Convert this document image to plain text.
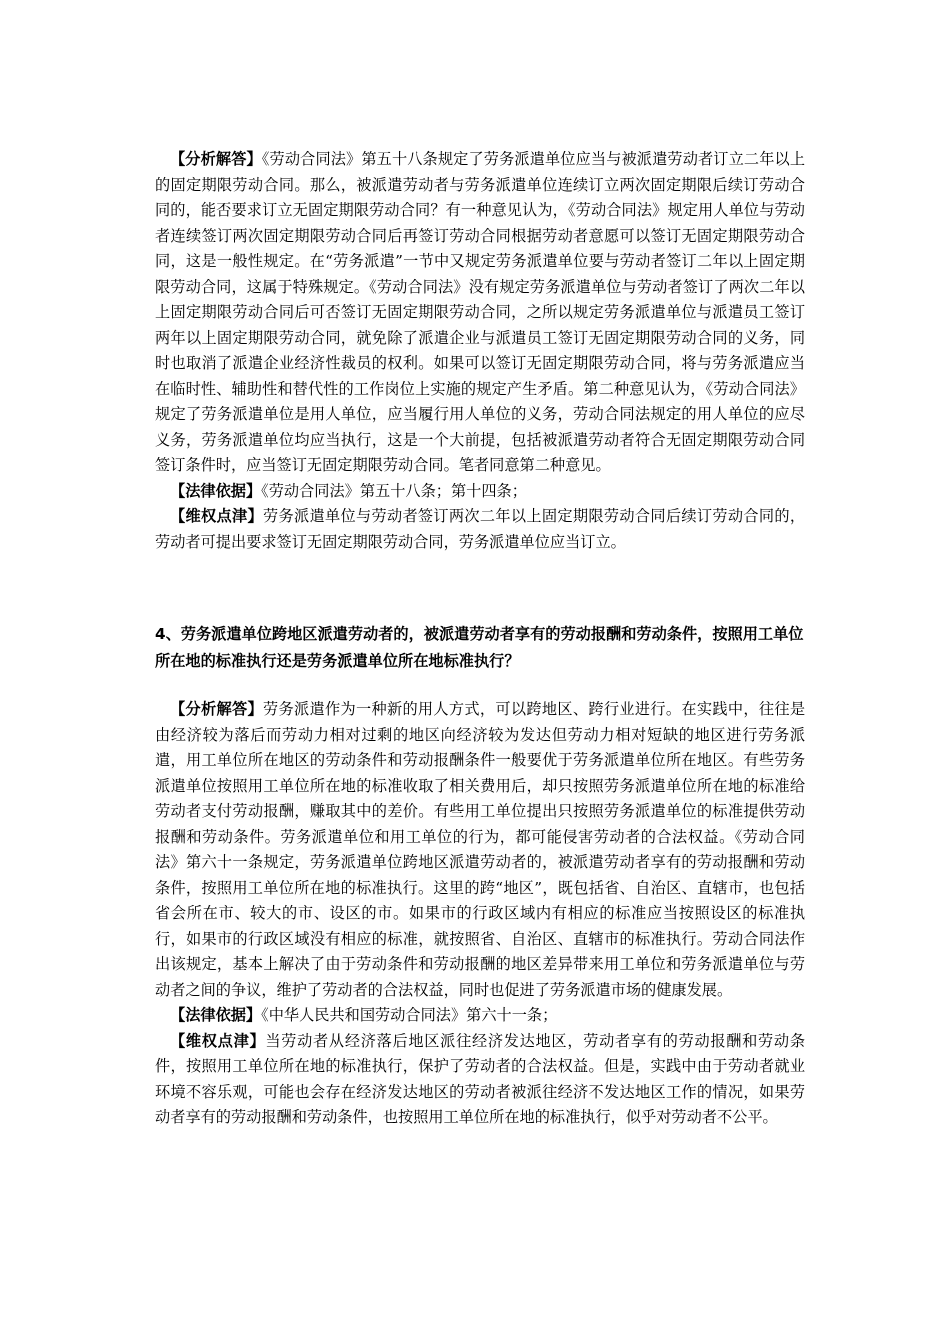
【分析解答】《劳动合同法》第五十八条规定了劳务派遣单位应当与被派遣劳动者订立二年以上的固定期限劳动合同。那么，被派遣劳动者与劳务派遣单位连续订立两次固定期限后续订劳动合同的，能否要求订立无固定期限劳动合同？有一种意见认为，《劳动合同法》规定用人单位与劳动者连续签订两次固定期限劳动合同后再签订劳动合同根据劳动者意愿可以签订无固定期限劳动合同，这是一般性规定。在“劳务派遣”一节中又规定劳务派遣单位要与劳动者签订二年以上固定期限劳动合同，这属于特殊规定。《劳动合同法》没有规定劳务派遣单位与劳动者签订了两次二年以上固定期限劳动合同后可否签订无固定期限劳动合同，之所以规定劳务派遣单位与派遣员工签订两年以上固定期限劳动合同，就免除了派遣企业与派遣员工签订无固定期限劳动合同的义务，同时也取消了派遣企业经济性裁员的权利。如果可以签订无固定期限劳动合同，将与劳务派遣应当在临时性、辅助性和替代性的工作岗位上实施的规定产生矛盾。第二种意见认为，《劳动合同法》规定了劳务派遣单位是用人单位，应当履行用人单位的义务，劳动合同法规定的用人单位的应尽义务，劳务派遣单位均应当执行，这是一个大前提，包括被派遣劳动者符合无固定期限劳动合同签订条件时，应当签订无固定期限劳动合同。笔者同意第二种意见。

【法律依据】《劳动合同法》第五十八条；第十四条；

【维权点津】劳务派遣单位与劳动者签订两次二年以上固定期限劳动合同后续订劳动合同的，劳动者可提出要求签订无固定期限劳动合同，劳务派遣单位应当订立。

4、劳务派遣单位跨地区派遣劳动者的，被派遣劳动者享有的劳动报酬和劳动条件，按照用工单位所在地的标准执行还是劳务派遣单位所在地标准执行？

【分析解答】劳务派遣作为一种新的用人方式，可以跨地区、跨行业进行。在实践中，往往是由经济较为落后而劳动力相对过剩的地区向经济较为发达但劳动力相对短缺的地区进行劳务派遣，用工单位所在地区的劳动条件和劳动报酬条件一般要优于劳务派遣单位所在地区。有些劳务派遣单位按照用工单位所在地的标准收取了相关费用后，却只按照劳务派遣单位所在地的标准给劳动者支付劳动报酬，赚取其中的差价。有些用工单位提出只按照劳务派遣单位的标准提供劳动报酬和劳动条件。劳务派遣单位和用工单位的行为，都可能侵害劳动者的合法权益。《劳动合同法》第六十一条规定，劳务派遣单位跨地区派遣劳动者的，被派遣劳动者享有的劳动报酬和劳动条件，按照用工单位所在地的标准执行。这里的跨“地区”，既包括省、自治区、直辖市，也包括省会所在市、较大的市、设区的市。如果市的行政区域内有相应的标准应当按照设区的标准执行，如果市的行政区域没有相应的标准，就按照省、自治区、直辖市的标准执行。劳动合同法作出该规定，基本上解决了由于劳动条件和劳动报酬的地区差异带来用工单位和劳务派遣单位与劳动者之间的争议，维护了劳动者的合法权益，同时也促进了劳务派遣市场的健康发展。

【法律依据】《中华人民共和国劳动合同法》第六十一条；

【维权点津】当劳动者从经济落后地区派往经济发达地区，劳动者享有的劳动报酬和劳动条件，按照用工单位所在地的标准执行，保护了劳动者的合法权益。但是，实践中由于劳动者就业环境不容乐观，可能也会存在经济发达地区的劳动者被派往经济不发达地区工作的情况，如果劳动者享有的劳动报酬和劳动条件，也按照用工单位所在地的标准执行，似乎对劳动者不公平。
